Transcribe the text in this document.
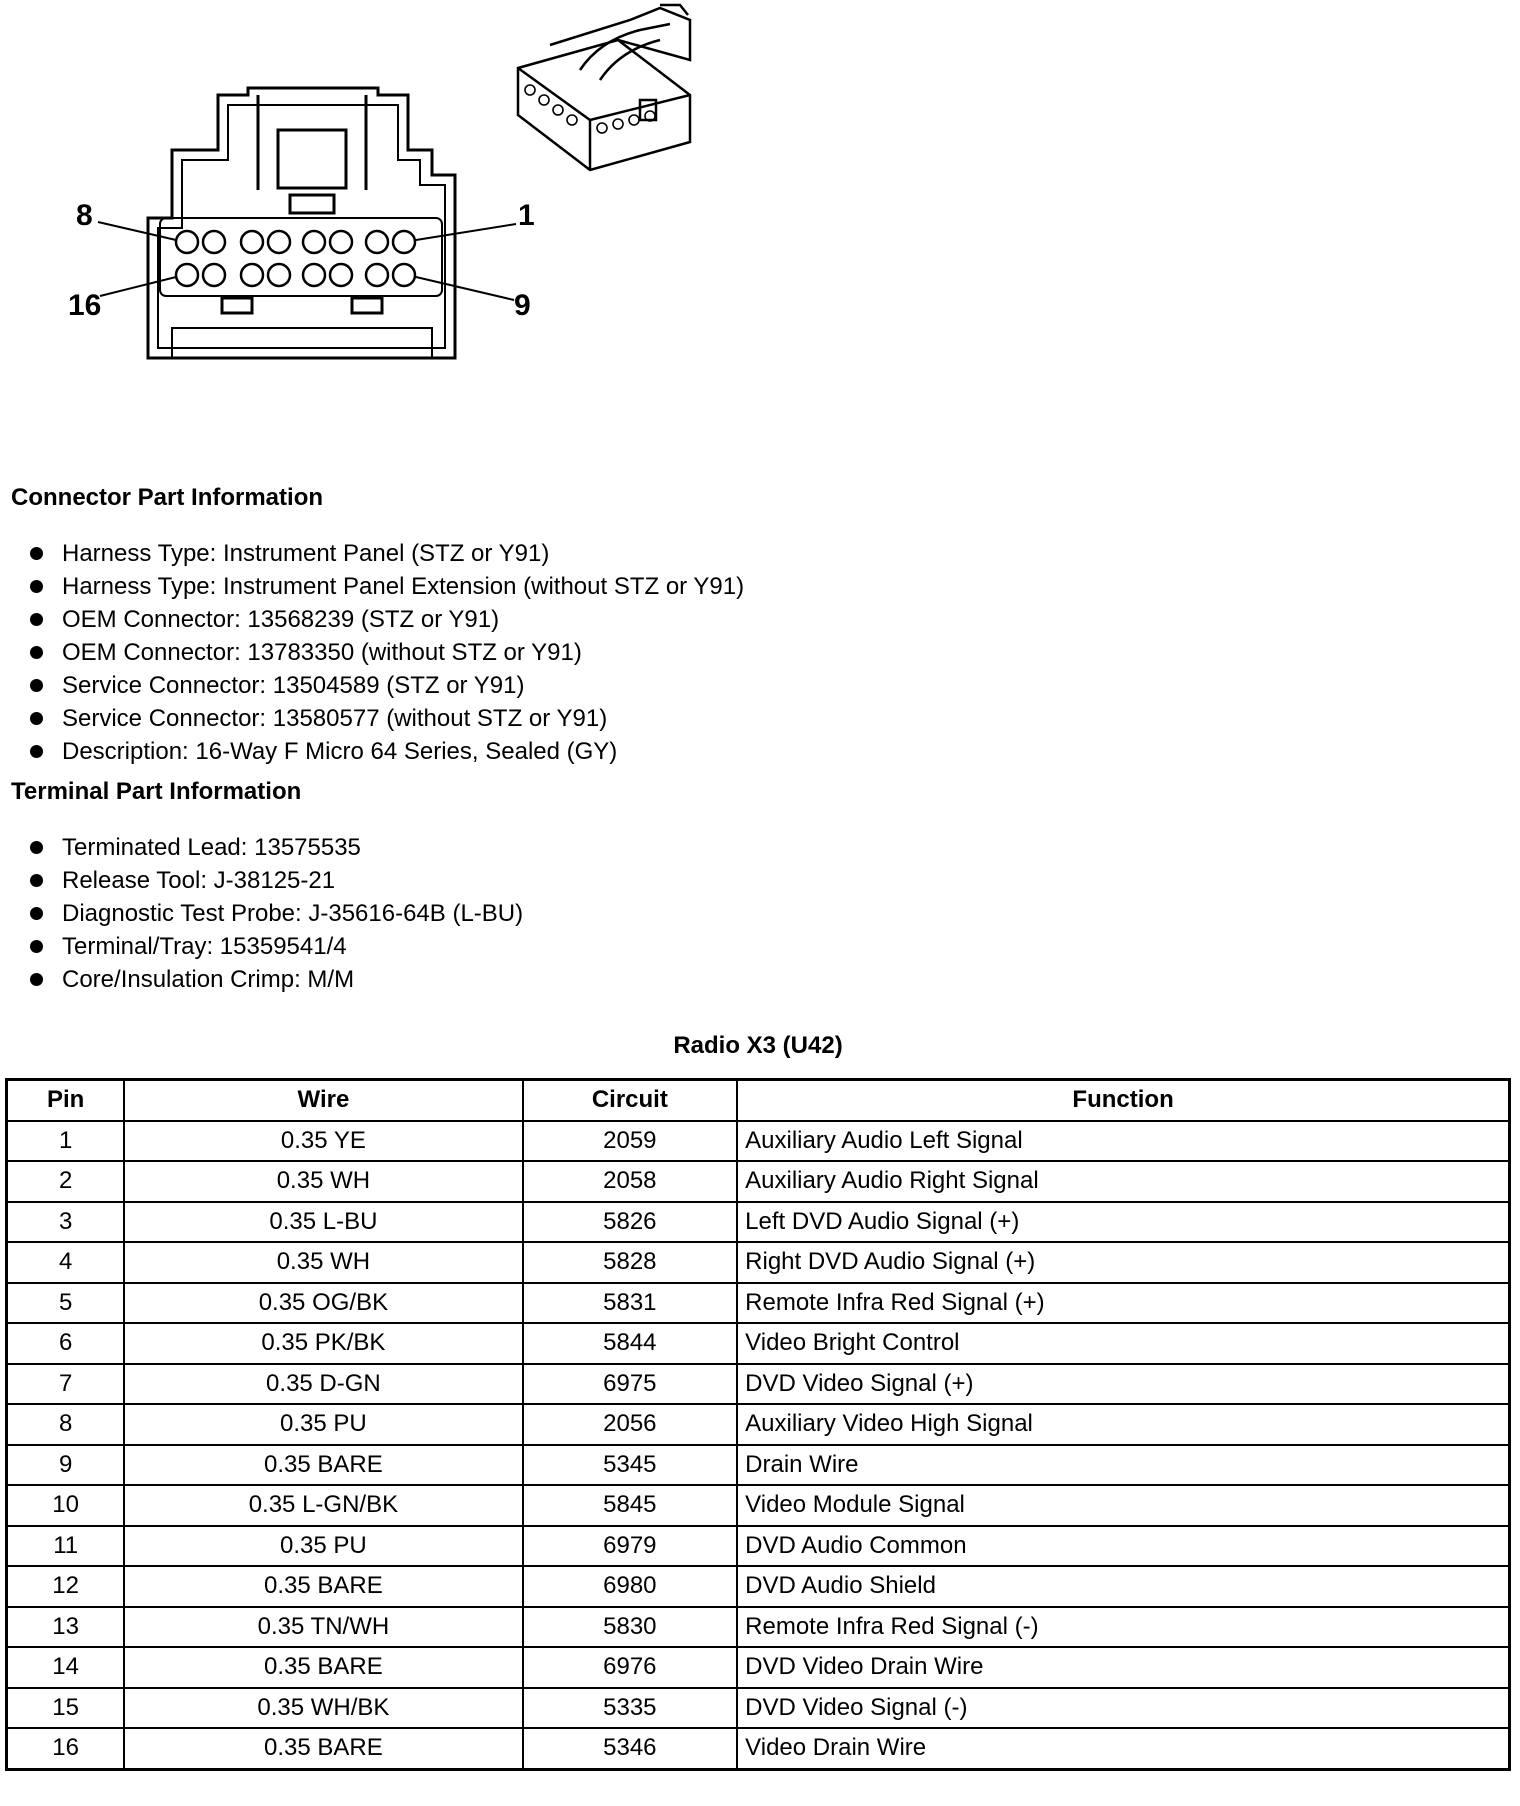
8	1
16	9
Connector Part Information
Harness Type: Instrument Panel (STZ or Y91)
Harness Type: Instrument Panel Extension (without STZ or Y91)
OEM Connector: 13568239 (STZ or Y91)
OEM Connector: 13783350 (without STZ or Y91)
Service Connector: 13504589 (STZ or Y91)
Service Connector: 13580577 (without STZ or Y91)
Description: 16-Way F Micro 64 Series, Sealed (GY)
Terminal Part Information
Terminated Lead: 13575535
Release Tool: J-38125-21
Diagnostic Test Probe: J-35616-64B (L-BU)
Terminal/Tray: 15359541/4
Core/Insulation Crimp: M/M
Radio X3 (U42)
Pin	Wire	Circuit	Function
1	0.35 YE	2059	Auxiliary Audio Left Signal
2	0.35 WH	2058	Auxiliary Audio Right Signal
3	0.35 L-BU	5826	Left DVD Audio Signal (+)
4	0.35 WH	5828	Right DVD Audio Signal (+)
5	0.35 OG/BK	5831	Remote Infra Red Signal (+)
6	0.35 PK/BK	5844	Video Bright Control
7	0.35 D-GN	6975	DVD Video Signal (+)
8	0.35 PU	2056	Auxiliary Video High Signal
9	0.35 BARE	5345	Drain Wire
10	0.35 L-GN/BK	5845	Video Module Signal
11	0.35 PU	6979	DVD Audio Common
12	0.35 BARE	6980	DVD Audio Shield
13	0.35 TN/WH	5830	Remote Infra Red Signal (-)
14	0.35 BARE	6976	DVD Video Drain Wire
15	0.35 WH/BK	5335	DVD Video Signal (-)
16	0.35 BARE	5346	Video Drain Wire
